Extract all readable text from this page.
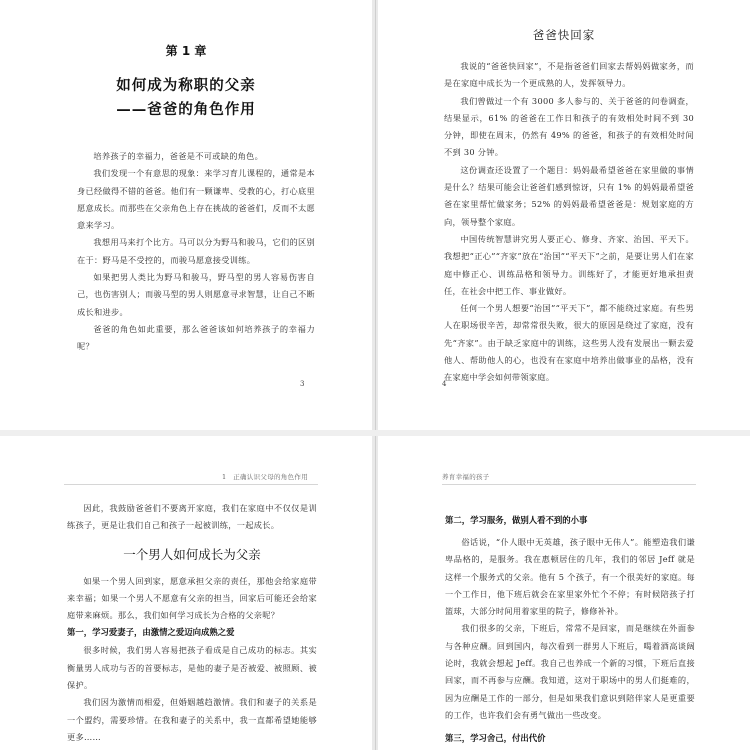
第 1 章
如何成为称职的父亲
——爸爸的角色作用

培养孩子的幸福力，爸爸是不可或缺的角色。

我们发现一个有意思的现象：来学习育儿课程的，通常是本身已经做得不错的爸爸。他们有一颗谦卑、受教的心，打心底里愿意成长。而那些在父亲角色上存在挑战的爸爸们，反而不太愿意来学习。

我想用马来打个比方。马可以分为野马和骏马，它们的区别在于：野马是不受控的，而骏马愿意接受训练。

如果把男人类比为野马和骏马，野马型的男人容易伤害自己，也伤害别人；而骏马型的男人则愿意寻求智慧，让自己不断成长和进步。

爸爸的角色如此重要，那么爸爸该如何培养孩子的幸福力呢？

3
爸爸快回家

我说的“爸爸快回家”，不是指爸爸们回家去帮妈妈做家务，而是在家庭中成长为一个更成熟的人，发挥领导力。

我们曾做过一个有 3000 多人参与的、关于爸爸的问卷调查，结果显示，61% 的爸爸在工作日和孩子的有效相处时间不到 30 分钟，即使在周末，仍然有 49% 的爸爸，和孩子的有效相处时间不到 30 分钟。

这份调查还设置了一个题目：妈妈最希望爸爸在家里做的事情是什么？结果可能会让爸爸们感到惊讶，只有 1% 的妈妈最希望爸爸在家里帮忙做家务；52% 的妈妈最希望爸爸是：规划家庭的方向，领导整个家庭。

中国传统智慧讲究男人要正心、修身、齐家、治国、平天下。我想把“正心”“齐家”放在“治国”“平天下”之前，是要让男人们在家庭中修正心、训练品格和领导力。训练好了，才能更好地承担责任，在社会中把工作、事业做好。

任何一个男人想要“治国”“平天下”，都不能绕过家庭。有些男人在职场很辛苦，却常常很失败，很大的原因是绕过了家庭，没有先“齐家”。由于缺乏家庭中的训练，这些男人没有发展出一颗去爱他人、帮助他人的心，也没有在家庭中培养出做事业的品格，没有在家庭中学会如何带领家庭。

4
1　正确认识父母的角色作用

因此，我鼓励爸爸们不要离开家庭，我们在家庭中不仅仅是训练孩子，更是让我们自己和孩子一起被训练，一起成长。

一个男人如何成长为父亲

如果一个男人回到家，愿意承担父亲的责任，那他会给家庭带来幸福；如果一个男人不愿意有父亲的担当，回家后可能还会给家庭带来麻烦。那么，我们如何学习成长为合格的父亲呢？

第一，学习爱妻子，由激情之爱迈向成熟之爱

很多时候，我们男人容易把孩子看成是自己成功的标志。其实衡量男人成功与否的首要标志，是他的妻子是否被爱、被照顾、被保护。

我们因为激情而相爱，但婚姻越趋激情。我们和妻子的关系是一个盟约，需要珍惜。在我和妻子的关系中，我一直都希望她能够更多……

养育幸福的孩子

第二，学习服务，做别人看不到的小事

俗话说，“仆人眼中无英雄，孩子眼中无伟人”。能塑造我们谦卑品格的，是服务。我在惠顿居住的几年，我们的邻居 Jeff 就是这样一个服务式的父亲。他有 5 个孩子，有一个很美好的家庭。每一个工作日，他下班后就会在家里家外忙个不停；有时候陪孩子打篮球，大部分时间用着家里的院子，修修补补。

我们很多的父亲，下班后，常常不是回家，而是继续在外面参与各种应酬。回到国内，每次看到一群男人下班后，喝着酒高谈阔论时，我就会想起 Jeff。我自己也养成一个新的习惯，下班后直接回家，而不再参与应酬。我知道，这对于职场中的男人们挺难的，因为应酬是工作的一部分，但是如果我们意识到陪伴家人是更重要的工作，也许我们会有勇气做出一些改变。

第三，学习舍己，付出代价
